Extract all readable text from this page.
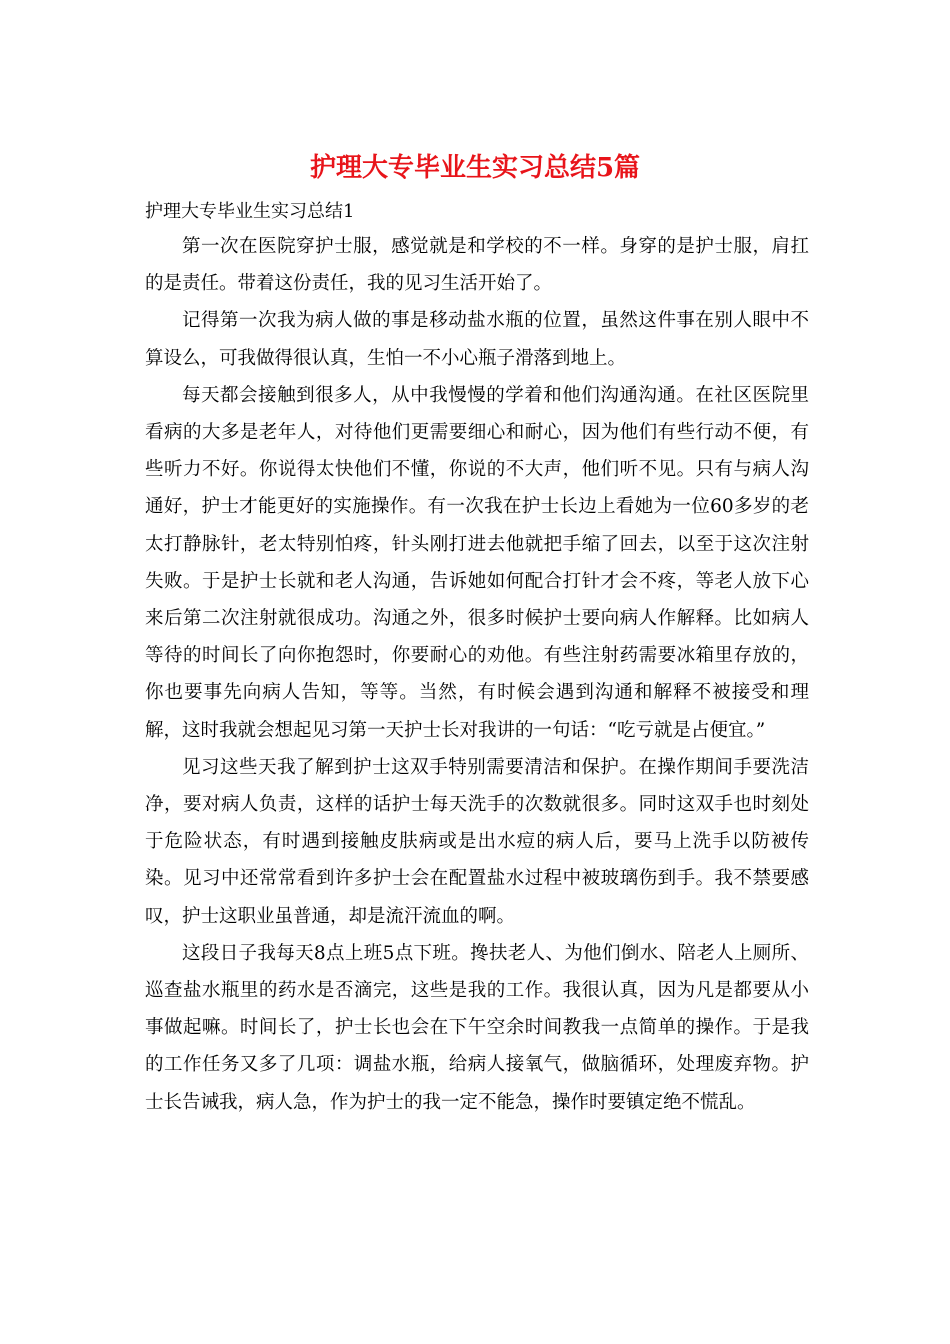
护理大专毕业生实习总结5篇
护理大专毕业生实习总结1

第一次在医院穿护士服，感觉就是和学校的不一样。身穿的是护士服，肩扛的是责任。带着这份责任，我的见习生活开始了。

记得第一次我为病人做的事是移动盐水瓶的位置，虽然这件事在别人眼中不算设么，可我做得很认真，生怕一不小心瓶子滑落到地上。

每天都会接触到很多人，从中我慢慢的学着和他们沟通沟通。在社区医院里看病的大多是老年人，对待他们更需要细心和耐心，因为他们有些行动不便，有些听力不好。你说得太快他们不懂，你说的不大声，他们听不见。只有与病人沟通好，护士才能更好的实施操作。有一次我在护士长边上看她为一位60多岁的老太打静脉针，老太特别怕疼，针头刚打进去他就把手缩了回去，以至于这次注射失败。于是护士长就和老人沟通，告诉她如何配合打针才会不疼，等老人放下心来后第二次注射就很成功。沟通之外，很多时候护士要向病人作解释。比如病人等待的时间长了向你抱怨时，你要耐心的劝他。有些注射药需要冰箱里存放的，你也要事先向病人告知，等等。当然，有时候会遇到沟通和解释不被接受和理解，这时我就会想起见习第一天护士长对我讲的一句话：“吃亏就是占便宜。”

见习这些天我了解到护士这双手特别需要清洁和保护。在操作期间手要洗洁净，要对病人负责，这样的话护士每天洗手的次数就很多。同时这双手也时刻处于危险状态，有时遇到接触皮肤病或是出水痘的病人后，要马上洗手以防被传染。见习中还常常看到许多护士会在配置盐水过程中被玻璃伤到手。我不禁要感叹，护士这职业虽普通，却是流汗流血的啊。

这段日子我每天8点上班5点下班。搀扶老人、为他们倒水、陪老人上厕所、巡查盐水瓶里的药水是否滴完，这些是我的工作。我很认真，因为凡是都要从小事做起嘛。时间长了，护士长也会在下午空余时间教我一点简单的操作。于是我的工作任务又多了几项：调盐水瓶，给病人接氧气，做脑循环，处理废弃物。护士长告诫我，病人急，作为护士的我一定不能急，操作时要镇定绝不慌乱。
